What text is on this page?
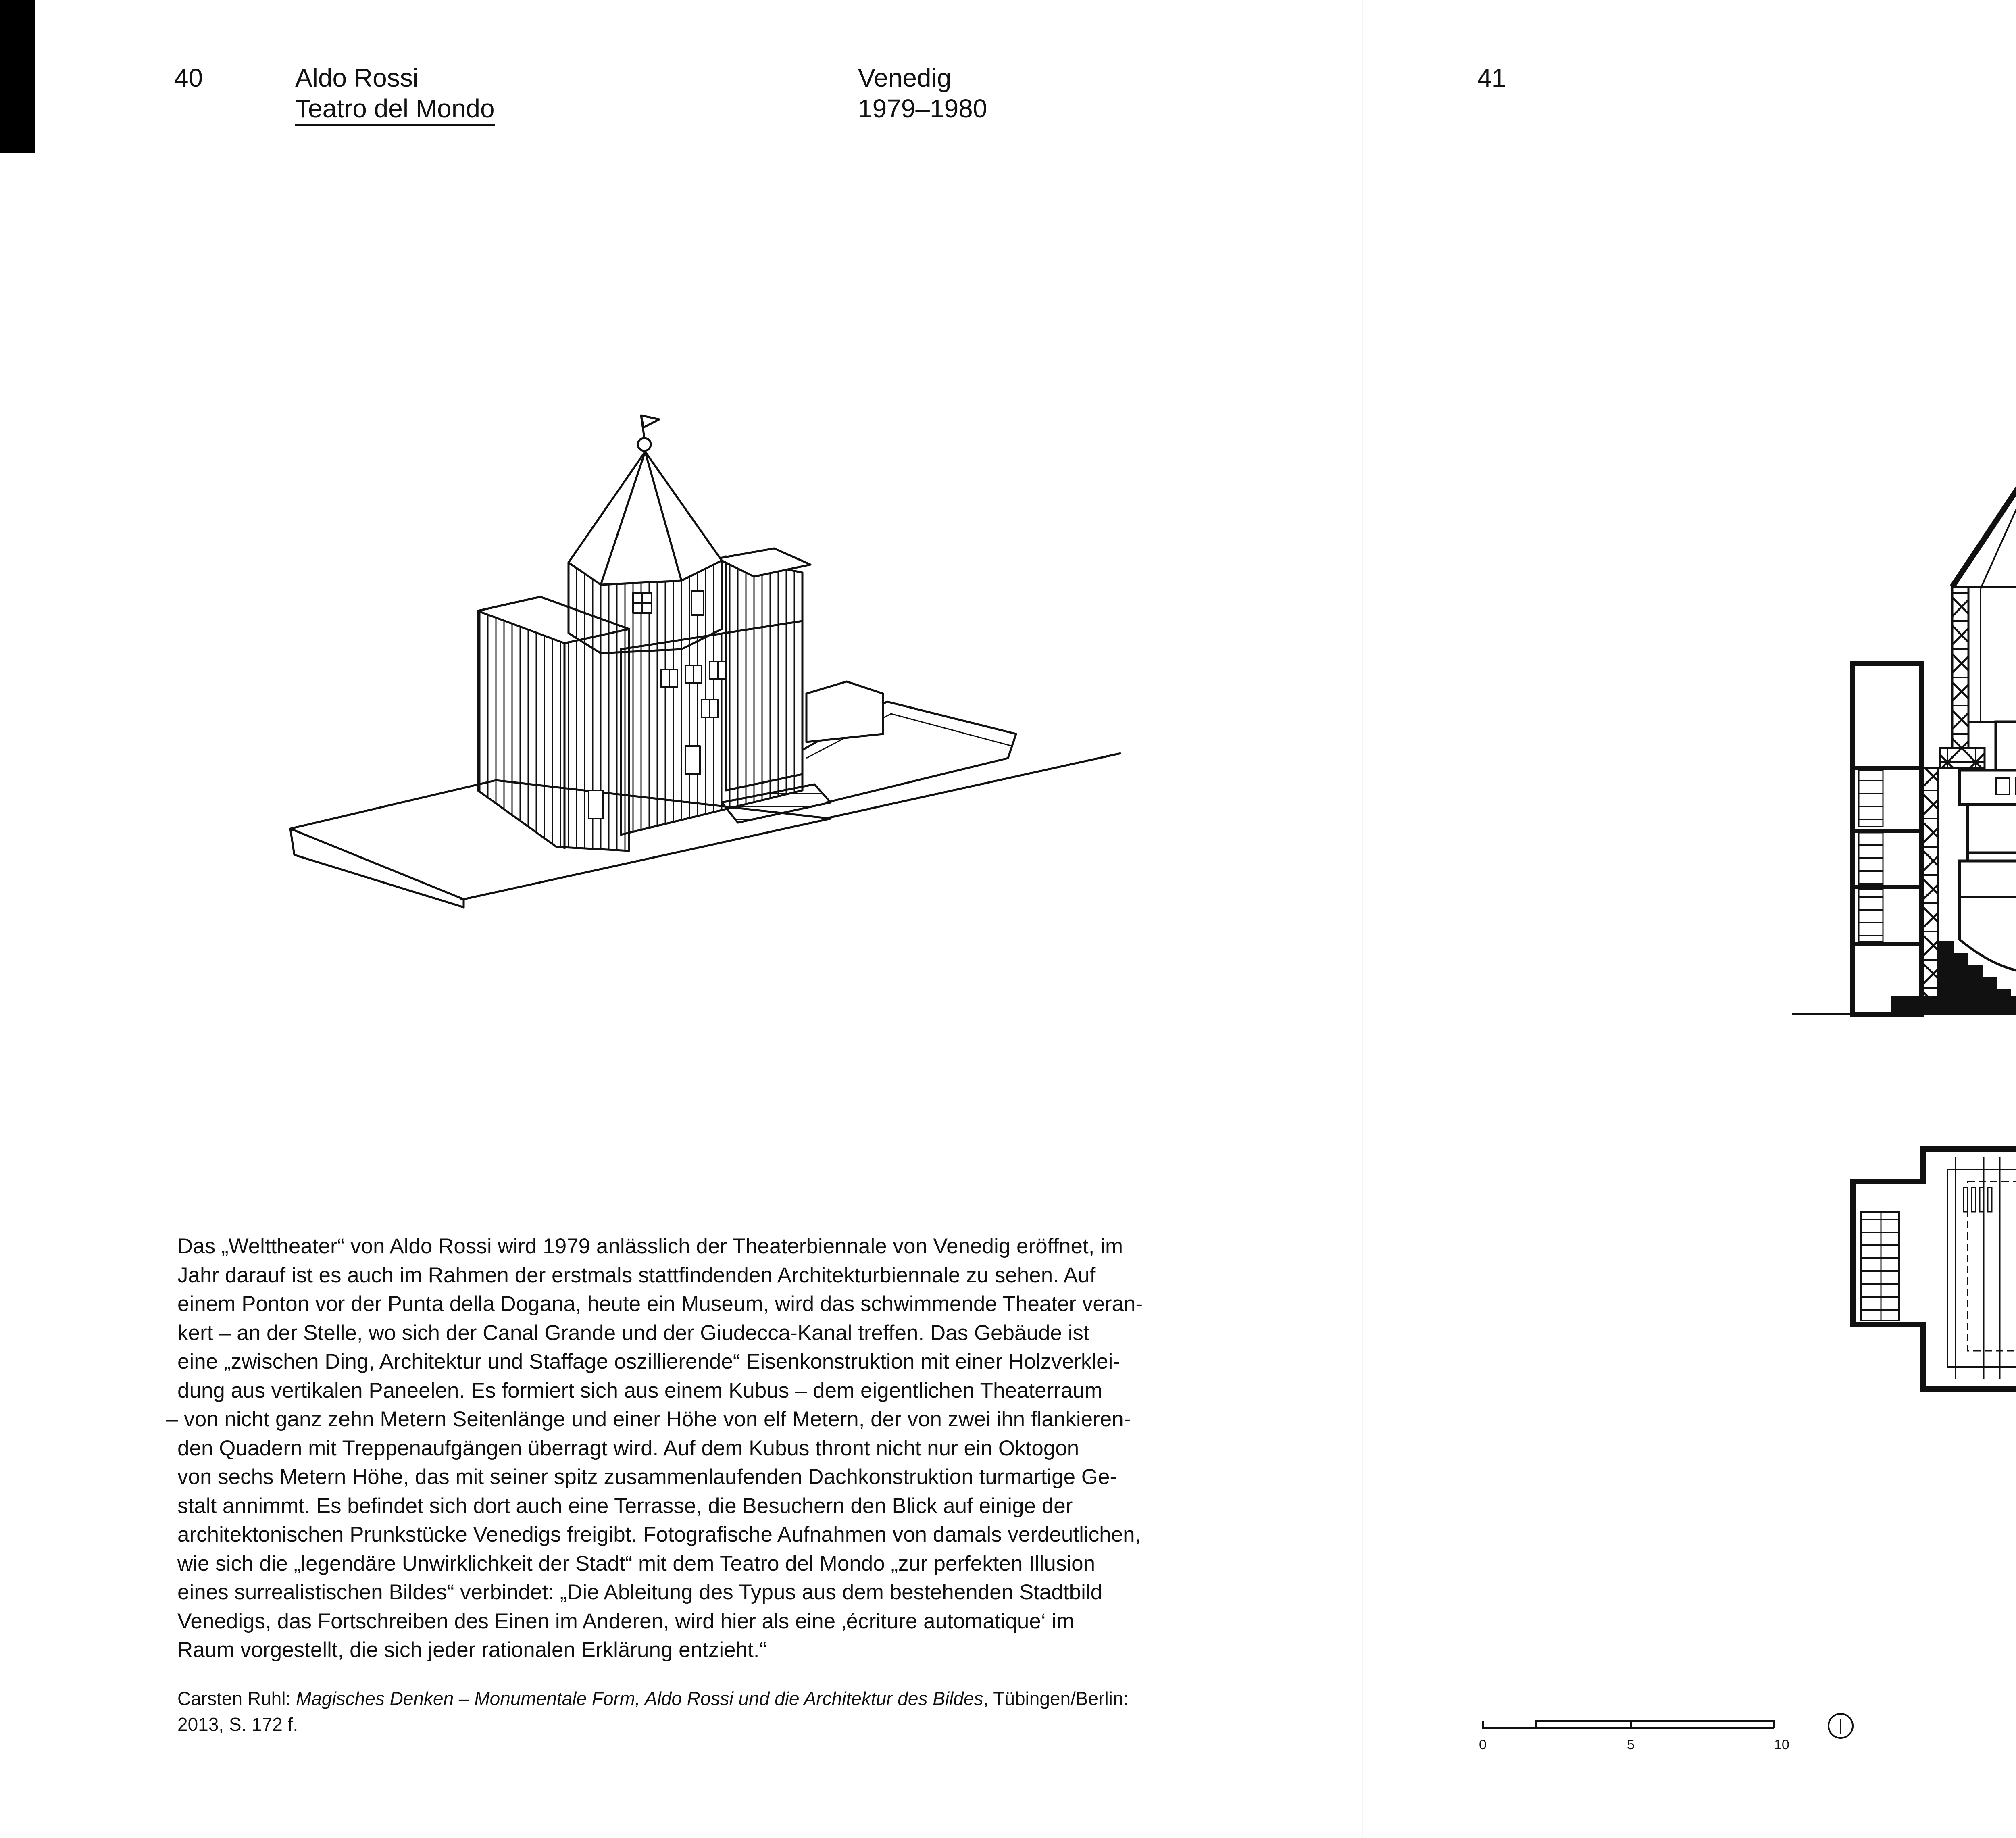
40	Aldo Rossi
Teatro del Mondo
Venedig
1979–1980
41

Das „Welttheater“ von Aldo Rossi wird 1979 anlässlich der Theaterbiennale von Venedig eröffnet, im
Jahr darauf ist es auch im Rahmen der erstmals stattfindenden Architekturbiennale zu sehen. Auf
einem Ponton vor der Punta della Dogana, heute ein Museum, wird das schwimmende Theater veran-
kert – an der Stelle, wo sich der Canal Grande und der Giudecca-Kanal treffen. Das Gebäude ist
eine „zwischen Ding, Architektur und Staffage oszillierende“ Eisenkonstruktion mit einer Holzverklei-
dung aus vertikalen Paneelen. Es formiert sich aus einem Kubus – dem eigentlichen Theaterraum
– von nicht ganz zehn Metern Seitenlänge und einer Höhe von elf Metern, der von zwei ihn flankieren-
den Quadern mit Treppenaufgängen überragt wird. Auf dem Kubus thront nicht nur ein Oktogon
von sechs Metern Höhe, das mit seiner spitz zusammenlaufenden Dachkonstruktion turmartige Ge-
stalt annimmt. Es befindet sich dort auch eine Terrasse, die Besuchern den Blick auf einige der
architektonischen Prunkstücke Venedigs freigibt. Fotografische Aufnahmen von damals verdeutlichen,
wie sich die „legendäre Unwirklichkeit der Stadt“ mit dem Teatro del Mondo „zur perfekten Illusion
eines surrealistischen Bildes“ verbindet: „Die Ableitung des Typus aus dem bestehenden Stadtbild
Venedigs, das Fortschreiben des Einen im Anderen, wird hier als eine ‚écriture automatique‘ im
Raum vorgestellt, die sich jeder rationalen Erklärung entzieht.“

Carsten Ruhl: Magisches Denken – Monumentale Form, Aldo Rossi und die Architektur des Bildes, Tübingen/Berlin:
2013, S. 172 f.

0	5	10
